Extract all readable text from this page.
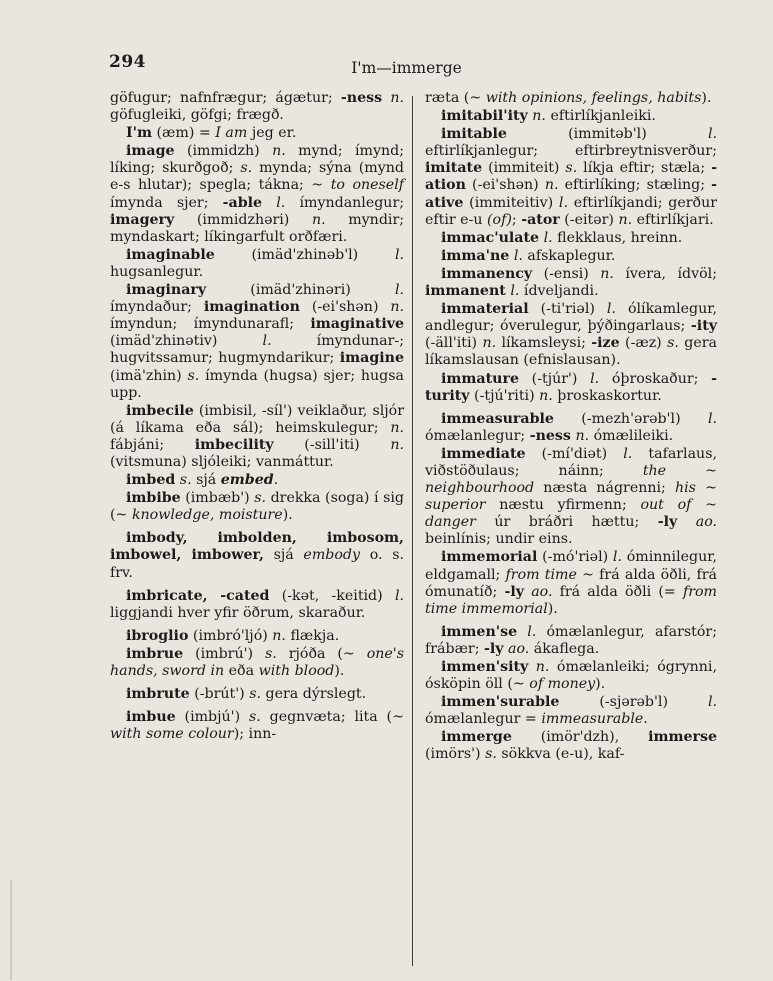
294	I'm—immerge

göfugur; nafnfrægur; ágætur; -ness n. göfugleiki, göfgi; frægð.

I'm (æm) = I am jeg er.

image (immidzh) n. mynd; ímynd; líking; skurðgoð; s. mynda; sýna (mynd e-s hlutar); spegla; tákna; ~ to oneself ímynda sjer; -able l. ímyndanlegur; imagery (immidzhəri) n. myndir; myndaskart; líkingarfult orðfæri.

imaginable (imäd'zhinəb'l) l. hugsanlegur.

imaginary (imäd'zhinəri) l. ímyndaður; imagination (-ei'shən) n. ímyndun; ímyndunarafl; imaginative (imäd'zhinətiv) l. ímyndunar-; hugvitssamur; hugmyndarikur; imagine (imä'zhin) s. ímynda (hugsa) sjer; hugsa upp.

imbecile (imbisil, -síl') veiklaður, sljór (á líkama eða sál); heimskulegur; n. fábjáni; imbecility (-sill'iti) n. (vitsmuna) sljóleiki; vanmáttur.

imbed s. sjá embed.

imbibe (imbæb') s. drekka (soga) í sig (~ knowledge, moisture).

imbody, imbolden, imbosom, imbowel, imbower, sjá embody o. s. frv.

imbricate, -cated (-kət, -keitid) l. liggjandi hver yfir öðrum, skaraður.

ibroglio (imbró'ljó) n. flækja.

imbrue (imbrú') s. rjóða (~ one's hands, sword in eða with blood).

imbrute (-brút') s. gera dýrslegt.

imbue (imbjú') s. gegnvæta; lita (~ with some colour); inn-

ræta (~ with opinions, feelings, habits).

imitabil'ity n. eftirlíkjanleiki.

imitable (immitəb'l) l. eftirlíkjanlegur; eftirbreytnisverður; imitate (immiteit) s. líkja eftir; stæla; -ation (-ei'shən) n. eftirlíking; stæling; -ative (immiteitiv) l. eftirlíkjandi; gerður eftir e-u (of); -ator (-eitər) n. eftirlíkjari.

immac'ulate l. flekklaus, hreinn.

imma'ne l. afskaplegur.

immanency (-ensi) n. ívera, ídvöl; immanent l. ídveljandi.

immaterial (-ti'riəl) l. ólíkamlegur, andlegur; óverulegur, þýðingarlaus; -ity (-äll'iti) n. líkamsleysi; -ize (-æz) s. gera líkamslausan (efnislausan).

immature (-tjúr') l. óþroskaður; -turity (-tjú'riti) n. þroskaskortur.

immeasurable (-mezh'ərəb'l) l. ómælanlegur; -ness n. ómælileiki.

immediate (-mí'diət) l. tafarlaus, viðstöðulaus; náinn; the ~ neighbourhood næsta nágrenni; his ~ superior næstu yfirmenn; out of ~ danger úr bráðri hættu; -ly ao. beinlínis; undir eins.

immemorial (-mó'riəl) l. óminnilegur, eldgamall; from time ~ frá alda öðli, frá ómunatíð; -ly ao. frá alda öðli (= from time immemorial).

immen'se l. ómælanlegur, afarstór; frábær; -ly ao. ákaflega.

immen'sity n. ómælanleiki; ógrynni, ósköpin öll (~ of money).

immen'surable (-sjərəb'l) l. ómælanlegur = immeasurable.

immerge (imör'dzh), immerse (imörs') s. sökkva (e-u), kaf-
